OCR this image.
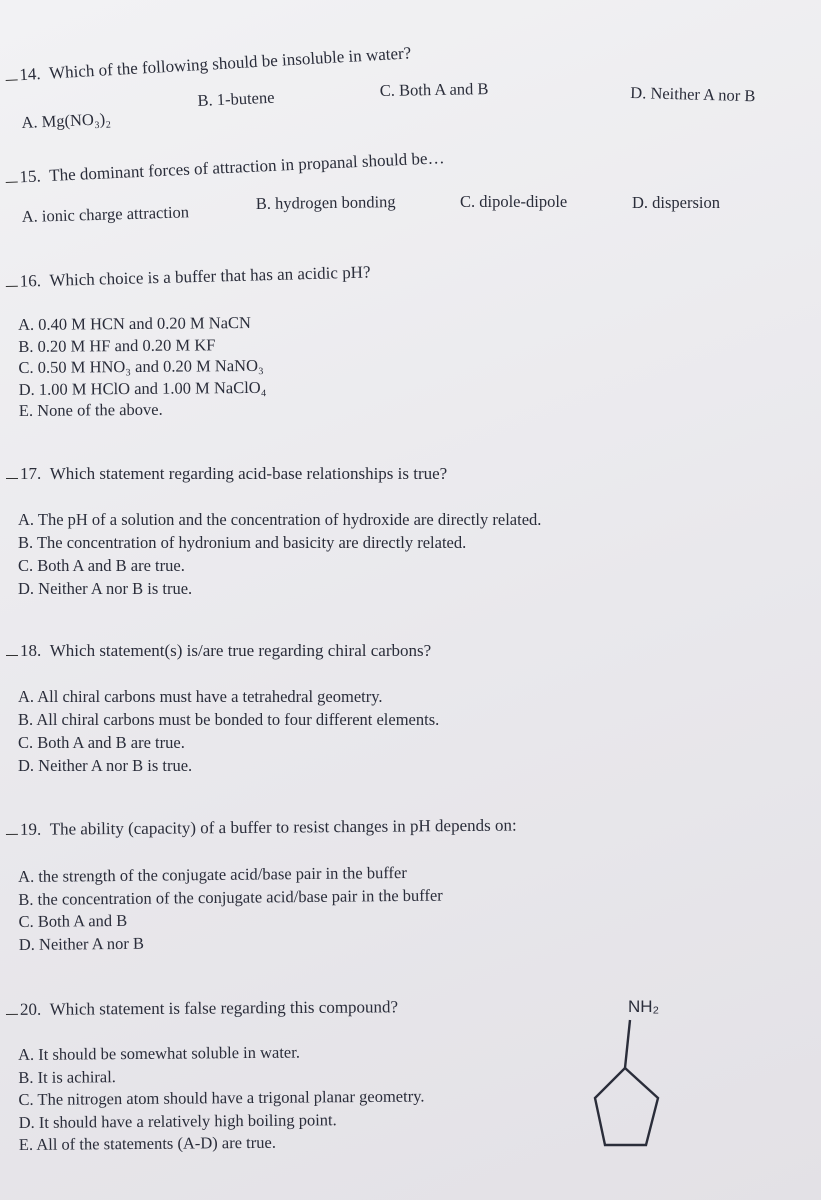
14. Which of the following should be insoluble in water?
A. Mg(NO₃)₂
B. 1-butene	C. Both A and B	D. Neither A nor B
15. The dominant forces of attraction in propanal should be…
A. ionic charge attraction	B. hydrogen bonding	C. dipole-dipole	D. dispersion
16. Which choice is a buffer that has an acidic pH?
A. 0.40 M HCN and 0.20 M NaCN
B. 0.20 M HF and 0.20 M KF
C. 0.50 M HNO₃ and 0.20 M NaNO₃
D. 1.00 M HClO and 1.00 M NaClO₄
E. None of the above.
17. Which statement regarding acid-base relationships is true?
A. The pH of a solution and the concentration of hydroxide are directly related.
B. The concentration of hydronium and basicity are directly related.
C. Both A and B are true.
D. Neither A nor B is true.
18. Which statement(s) is/are true regarding chiral carbons?
A. All chiral carbons must have a tetrahedral geometry.
B. All chiral carbons must be bonded to four different elements.
C. Both A and B are true.
D. Neither A nor B is true.
19. The ability (capacity) of a buffer to resist changes in pH depends on:
A. the strength of the conjugate acid/base pair in the buffer
B. the concentration of the conjugate acid/base pair in the buffer
C. Both A and B
D. Neither A nor B
20. Which statement is false regarding this compound?
A. It should be somewhat soluble in water.
B. It is achiral.
C. The nitrogen atom should have a trigonal planar geometry.
D. It should have a relatively high boiling point.
E. All of the statements (A-D) are true.
NH₂
